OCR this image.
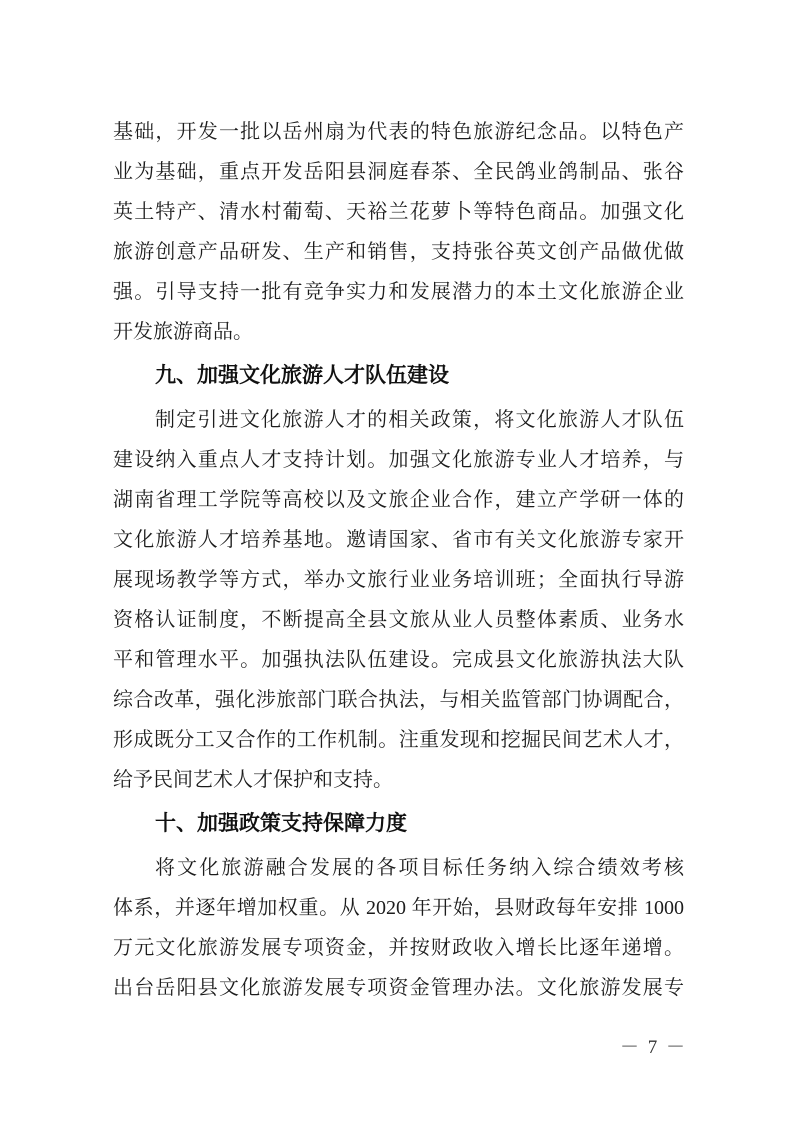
基础，开发一批以岳州扇为代表的特色旅游纪念品。以特色产
业为基础，重点开发岳阳县洞庭春茶、全民鸽业鸽制品、张谷
英土特产、清水村葡萄、天裕兰花萝卜等特色商品。加强文化
旅游创意产品研发、生产和销售，支持张谷英文创产品做优做
强。引导支持一批有竞争实力和发展潜力的本土文化旅游企业
开发旅游商品。
九、加强文化旅游人才队伍建设
制定引进文化旅游人才的相关政策，将文化旅游人才队伍
建设纳入重点人才支持计划。加强文化旅游专业人才培养，与
湖南省理工学院等高校以及文旅企业合作，建立产学研一体的
文化旅游人才培养基地。邀请国家、省市有关文化旅游专家开
展现场教学等方式，举办文旅行业业务培训班；全面执行导游
资格认证制度，不断提高全县文旅从业人员整体素质、业务水
平和管理水平。加强执法队伍建设。完成县文化旅游执法大队
综合改革，强化涉旅部门联合执法，与相关监管部门协调配合，
形成既分工又合作的工作机制。注重发现和挖掘民间艺术人才，
给予民间艺术人才保护和支持。
十、加强政策支持保障力度
将文化旅游融合发展的各项目标任务纳入综合绩效考核
体系，并逐年增加权重。从 2020 年开始，县财政每年安排 1000
万元文化旅游发展专项资金，并按财政收入增长比逐年递增。
出台岳阳县文化旅游发展专项资金管理办法。文化旅游发展专
－ 7 －
